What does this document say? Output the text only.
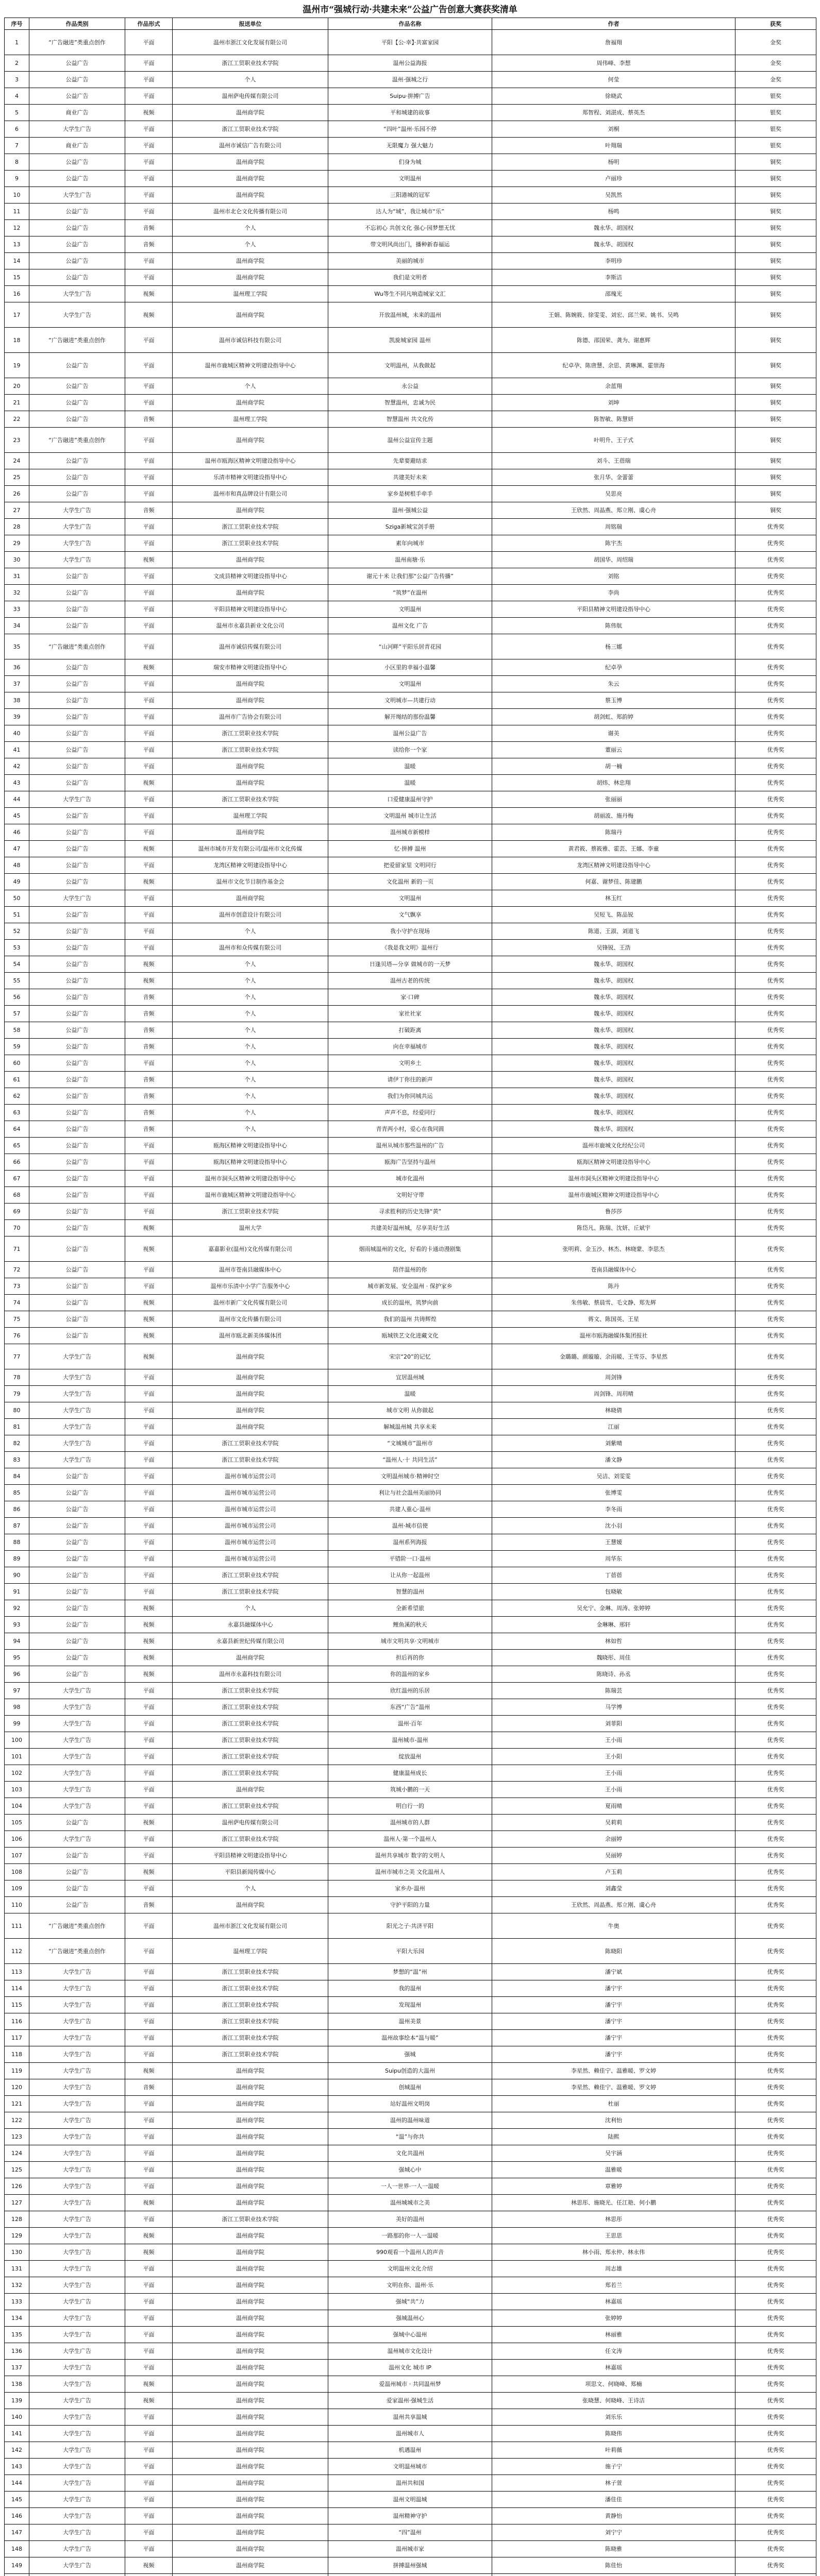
温州市“强城行动·共建未来”公益广告创意大赛获奖清单
序号	作品类别	作品形式	报送单位	作品名称	作者	获奖
1	“广告融进”类重点创作	平面	温州市浙江文化发展有限公司	平阳【公·幸】·共富家园	詹福翔	金奖
2	公益广告	平面	浙江工贸职业技术学院	温州公益海报	周伟峰、李想	金奖
3	公益广告	平面	个人	温州·强城之行	何莹	金奖
4	公益广告	平面	温州萨电传媒有限公司	Suipu·拼搏广告	徐晓武	银奖
5	商业广告	视频	温州商学院	平和城建的故事	郑智程、刘湛成、蔡英杰	银奖
6	大学生广告	平面	浙江工贸职业技术学院	“四叶”温州·乐园不停	刘桐	银奖
7	商业广告	平面	温州市诚信广告有限公司	无限魔力 强大魅力	叶翔瑞	银奖
8	公益广告	平面	温州商学院	们身为城	杨明	铜奖
9	公益广告	平面	温州商学院	文明温州	卢丽珍	铜奖
10	大学生广告	平面	温州商学院	三阳港城的冠军	吴凯然	铜奖
11	公益广告	平面	温州市北仑文化传播有限公司	达人为“城”，我让城市“乐”	杨鸣	铜奖
12	公益广告	音频	个人	不忘初心 共创文化 强心·园梦想无忧	魏永华、胡国权	铜奖
13	公益广告	音频	个人	带文明风尚出门，播种新春福运	魏永华、胡国权	铜奖
14	公益广告	平面	温州商学院	美丽的城市	李明珍	铜奖
15	公益广告	平面	温州商学院	我们是文明者	李斯洁	铜奖
16	大学生广告	视频	温州理工学院	Wu等生不同凡响造城家文汇	邵瑰光	铜奖
17	大学生广告	视频	温州商学院	开放温州城，未来的温州	王娟、陈婉筱、徐雯雯、刘宏、邱兰荣、姚书、吴鸣	铜奖
18	“广告融进”类重点创作	平面	温州市诚信科技有限公司	凯旋城家园 温州	陈德、邵国荣、龚为、谢惠辉	铜奖
19	公益广告	平面	温州市鹿城区精神文明建设指导中心	文明温州，从我做起	纪卓孕、陈唐慧、余思、黄琳渊、霍崇海	铜奖
20	公益广告	平面	个人	永公益	余蓝翔	铜奖
21	公益广告	平面	温州商学院	智慧温州，忠诚为民	刘坤	铜奖
22	公益广告	音频	温州理工学院	智慧温州 共文化传	陈智敏、陈慧妍	铜奖
23	“广告融进”类重点创作	平面	温州商学院	温州公益宣传主题	叶明升、王子式	铜奖
24	公益广告	平面	温州市瓯海区精神文明建设指导中心	先辈要避结求	刘斗、王蓓瑞	铜奖
25	公益广告	平面	乐清市精神文明建设指导中心	共建美好未来	张月华、金蕾蕾	铜奖
26	公益广告	平面	温州市和真品牌设计有限公司	家乡是树根手牵手	吴思亮	铜奖
27	大学生广告	音频	温州商学院	温州·强城公益	王欣然、周晶燕、郑立刚、虞心舟	铜奖
28	大学生广告	平面	浙江工贸职业技术学院	Sziga新城宝剑手册	周铭瑞	优秀奖
29	大学生广告	平面	浙江工贸职业技术学院	素年向城市	陈宇杰	优秀奖
30	大学生广告	视频	温州商学院	温州南塘·乐	胡国华、周绍瑞	优秀奖
31	公益广告	平面	文成县精神文明建设指导中心	谢元十米 让我们那“公益广告传播”	刘铭	优秀奖
32	公益广告	平面	温州商学院	“筑梦”在温州	李尚	优秀奖
33	公益广告	平面	平阳县精神文明建设指导中心	文明温州	平阳县精神文明建设指导中心	优秀奖
34	公益广告	平面	温州市永嘉县新业文化公司	温州文化 广告	陈伟航	优秀奖
35	“广告融进”类重点创作	平面	温州市诚信传媒有限公司	“山河畔”平阳乐居青花园	杨三娜	优秀奖
36	公益广告	视频	瑞安市精神文明建设指导中心	小区里的幸福小温馨	纪卓孕	优秀奖
37	公益广告	平面	温州商学院	文明温州	朱云	优秀奖
38	公益广告	平面	温州商学院	文明城市—共建行动	蔡玉博	优秀奖
39	公益广告	平面	温州市广告协会有限公司	解开绳结的那份温馨	胡剑虹、郑韵婷	优秀奖
40	公益广告	平面	浙江工贸职业技术学院	温州公益广告	谢美	优秀奖
41	公益广告	平面	浙江工贸职业技术学院	读给你一个家	董丽云	优秀奖
42	公益广告	平面	温州商学院	温暖	胡一楠	优秀奖
43	公益广告	视频	温州商学院	温暖	胡炜、林忠翔	优秀奖
44	大学生广告	平面	浙江工贸职业技术学院	口爱健康温州守护	张丽丽	优秀奖
45	公益广告	平面	温州理工学院	文明温州 城市让生活	胡丽波、施丹梅	优秀奖
46	公益广告	平面	温州商学院	温州城市新模样	陈瑞丹	优秀奖
47	公益广告	视频	温州市城市开发有限公司/温州市文化传媒	忆·拼搏 温州	黄君筱、蔡筱雅、霍芸、王娜、李童	优秀奖
48	公益广告	平面	龙湾区精神文明建设指导中心	把爱留家里 文明同行	龙湾区精神文明建设指导中心	优秀奖
49	公益广告	视频	温州市文化节目制作基金会	文化温州 新的一页	何嘉、谢梦佳、陈建鹏	优秀奖
50	大学生广告	平面	温州商学院	文明温州	林玉红	优秀奖
51	公益广告	平面	温州市创意设计有限公司	文气飘享	吴短飞、陈品锐	优秀奖
52	公益广告	平面	个人	我小守护在现场	陈道、王淑、刘道飞	优秀奖
53	公益广告	平面	温州市和众传媒有限公司	《我是我文明》温州行	吴锋锐、王浩	优秀奖
54	公益广告	视频	个人	日逢贝塔—分享 做城市的一天梦	魏永华、胡国权	优秀奖
55	公益广告	视频	个人	温州古老的传统	魏永华、胡国权	优秀奖
56	公益广告	音频	个人	家·口碑	魏永华、胡国权	优秀奖
57	公益广告	音频	个人	家社社家	魏永华、胡国权	优秀奖
58	公益广告	音频	个人	打破距离	魏永华、胡国权	优秀奖
59	公益广告	音频	个人	向在幸福城市	魏永华、胡国权	优秀奖
60	公益广告	平面	个人	文明乡土	魏永华、胡国权	优秀奖
61	公益广告	音频	个人	请伊丁你往的新声	魏永华、胡国权	优秀奖
62	公益广告	音频	个人	我们为你同城共运	魏永华、胡国权	优秀奖
63	公益广告	音频	个人	声声不息，经爱同行	魏永华、胡国权	优秀奖
64	公益广告	音频	个人	青青两小村，爱心在我同圆	魏永华、胡国权	优秀奖
65	公益广告	平面	瓯海区精神文明建设指导中心	温州从城市那些温州的广告	温州市鹿城文化经纪公司	优秀奖
66	公益广告	平面	瓯海区精神文明建设指导中心	瓯海广告坚持与温州	瓯海区精神文明建设指导中心	优秀奖
67	公益广告	平面	温州市洞头区精神文明建设指导中心	城市化温州	温州市洞头区精神文明建设指导中心	优秀奖
68	公益广告	平面	温州市鹿城区精神文明建设指导中心	文明好守带	温州市鹿城区精神文明建设指导中心	优秀奖
69	公益广告	平面	浙江工贸职业技术学院	寻求胜利的历史先锋“黄”	鲁莎莎	优秀奖
70	公益广告	视频	温州大学	共建美好温州城，尽享美好生活	陈岱凡、陈瑞、沈妍、丘斌宇	优秀奖
71	公益广告	视频	嘉嘉影业(温州)文化传媒有限公司	烟雨城温州的文化，好看的卡通动漫剧集	张明莉、金玉沙、林杰、林晓蒙、李思杰	优秀奖
72	公益广告	平面	温州市苍南县融媒体中心	陪伴温州的你	苍南县融媒体中心	优秀奖
73	公益广告	平面	温州市乐清中小学广告服务中心	城市新发展、安全温州 · 保护家乡	陈丹	优秀奖
74	公益广告	视频	温州市新广文化传媒有限公司	成长的温州，筑梦向前	朱伟敏、蔡晨雪、毛文静、郑先辉	优秀奖
75	公益广告	视频	温州市文化传播有限公司	我们的温州 共铸辉煌	蒋文、陈国英、王星	优秀奖
76	公益广告	视频	温州市瓯北新美体媒体团	瓯城铁艺文化进藏文化	温州市瓯海融媒体集团报社	优秀奖
77	大学生广告	视频	温州商学院	宋宗“20”的记忆	金璐璐、颜璇璇、余雨暖、王雪芬、李星然	优秀奖
78	大学生广告	平面	温州商学院	宜居温州城	周剑锋	优秀奖
79	大学生广告	平面	温州商学院	温暖	周剑锋、周玥晴	优秀奖
80	大学生广告	平面	温州商学院	城市文明 从你做起	林晓倩	优秀奖
81	大学生广告	平面	温州商学院	解城温州城 共享未来	江丽	优秀奖
82	大学生广告	平面	浙江工贸职业技术学院	“文城城市”温州市	刘紫晴	优秀奖
83	大学生广告	平面	浙江工贸职业技术学院	“温州人·十 共同生活”	潘文静	优秀奖
84	公益广告	平面	温州市城市运营公司	文明温州城市·精神时空	吴洁、刘雯雯	优秀奖
85	公益广告	平面	温州市城市运营公司	利让与社会温州美丽协同	张博雯	优秀奖
86	公益广告	平面	温州市城市运营公司	共建人重心·温州	李冬雨	优秀奖
87	公益广告	平面	温州市城市运营公司	温州·城市信使	沈小羽	优秀奖
88	公益广告	平面	温州市城市运营公司	温州系列海报	王慧媛	优秀奖
89	公益广告	平面	温州市城市运营公司	平错阶一口·温州	周华东	优秀奖
90	公益广告	平面	浙江工贸职业技术学院	让从你一起温州	丁蓓蓓	优秀奖
91	公益广告	平面	浙江工贸职业技术学院	智慧的温州	包晓敏	优秀奖
92	公益广告	视频	个人	全新希望旅	吴允宁、金琳、周涛、张婷婷	优秀奖
93	公益广告	视频	永嘉县融媒体中心	鲤鱼溪的秋天	金琳琳、邢轩	优秀奖
94	公益广告	视频	永嘉县新世纪传媒有限公司	城市文明共享·文明城市	林如哲	优秀奖
95	公益广告	视频	温州商学院	担后再的你	魏晓彤、周佳	优秀奖
96	公益广告	视频	温州市永嘉科技有限公司	你的温州的家乡	陈晓诗、孙丞	优秀奖
97	大学生广告	平面	浙江工贸职业技术学院	欣红温州的乐居	陈瑞芸	优秀奖
98	大学生广告	平面	浙江工贸职业技术学院	东西“广告”温州	马学博	优秀奖
99	大学生广告	平面	浙江工贸职业技术学院	温州·百年	刘菲阳	优秀奖
100	大学生广告	平面	浙江工贸职业技术学院	温州城市-温州	王小雨	优秀奖
101	大学生广告	平面	浙江工贸职业技术学院	绽放温州	王小阳	优秀奖
102	大学生广告	平面	浙江工贸职业技术学院	健康温州成长	王小雨	优秀奖
103	大学生广告	平面	温州商学院	筑城小鹏的一天	王小雨	优秀奖
104	大学生广告	平面	浙江工贸职业技术学院	明白行一的	夏雨晴	优秀奖
105	公益广告	视频	温州萨电传媒有限公司	温州城市的人群	吴莉莉	优秀奖
106	大学生广告	平面	浙江工贸职业技术学院	温州人·第一个温州人	余丽婷	优秀奖
107	公益广告	平面	平阳县精神文明建设指导中心	温州共享城市 数字的文明人	吴丽婷	优秀奖
108	公益广告	视频	平阳县新闻传媒中心	温州市城市之美 文化温州人	卢玉莉	优秀奖
109	公益广告	平面	个人	家乡办·温州	刘鑫莹	优秀奖
110	公益广告	音频	温州商学院	守护平阳的力量	王欣然、周晶燕、郑立刚、虞心舟	优秀奖
111	“广告融进”类重点创作	平面	温州市浙江文化发展有限公司	阳光之子·共济平阳	牛奥	优秀奖
112	“广告融进”类重点创作	平面	温州理工学院	平阳大乐园	陈晓阳	优秀奖
113	大学生广告	平面	浙江工贸职业技术学院	梦想的“温”州	潘宁斌	优秀奖
114	大学生广告	平面	浙江工贸职业技术学院	我的温州	潘宁宇	优秀奖
115	大学生广告	平面	浙江工贸职业技术学院	发现温州	潘宁宇	优秀奖
116	大学生广告	平面	浙江工贸职业技术学院	温州美景	潘宁宇	优秀奖
117	大学生广告	平面	浙江工贸职业技术学院	温州故事绘本“温与暖”	潘宁宇	优秀奖
118	大学生广告	平面	浙江工贸职业技术学院	强城	潘宁宇	优秀奖
119	大学生广告	视频	温州商学院	Suipu创造的大温州	李星然、赖佳宁、温雅暖、罗文婷	优秀奖
120	大学生广告	音频	温州商学院	创城温州	李星然、赖佳宁、温雅暖、罗文婷	优秀奖
121	大学生广告	平面	温州商学院	站好温州文明岗	杜丽	优秀奖
122	大学生广告	平面	温州商学院	温州的温州味道	沈利怡	优秀奖
123	大学生广告	平面	温州商学院	“温”与你共	陆熙	优秀奖
124	大学生广告	平面	温州商学院	文化共温州	吴宇涵	优秀奖
125	大学生广告	平面	温州商学院	强城心中	温雅暖	优秀奖
126	大学生广告	平面	温州商学院	一人一世界·一人一温暖	章雅婷	优秀奖
127	大学生广告	视频	温州商学院	温州城城市之美	林思彤、施晓光、任江艳、何小鹏	优秀奖
128	大学生广告	平面	浙江工贸职业技术学院	美好的温州	林思彤	优秀奖
129	大学生广告	视频	温州商学院	一路那的你一人一温暖	王思思	优秀奖
130	大学生广告	视频	温州商学院	990观看一个温州人的声音	林小雨、郑永仲、林永伟	优秀奖
131	大学生广告	平面	温州商学院	文明温州文化介绍	周志雄	优秀奖
132	大学生广告	平面	温州商学院	文明在你、温州·乐	郑若兰	优秀奖
133	大学生广告	平面	温州商学院	强城“共”力	林嘉瑶	优秀奖
134	大学生广告	平面	温州商学院	强城温州心	张婷婷	优秀奖
135	大学生广告	平面	温州商学院	强城中心温州	林丽雅	优秀奖
136	大学生广告	平面	温州商学院	温州城市文化设计	任文涛	优秀奖
137	大学生广告	平面	温州商学院	温州文化 城市 IP	林嘉瑶	优秀奖
138	大学生广告	视频	温州商学院	爱温州城市 · 共同温州梦	项思文、何晓峰、郑楠	优秀奖
139	大学生广告	视频	温州商学院	爱家温州·强城生活	张晓慧、何晓峰、王诗洁	优秀奖
140	大学生广告	平面	温州商学院	温州共享温城	刘乐乐	优秀奖
141	大学生广告	平面	温州商学院	温州城市人	陈晓伟	优秀奖
142	大学生广告	平面	温州商学院	机遇温州	叶莉薇	优秀奖
143	大学生广告	平面	温州商学院	文明温州城市	施子宁	优秀奖
144	大学生广告	平面	温州商学院	温州共和国	林子萱	优秀奖
145	大学生广告	平面	温州商学院	温州文明温城	潘佳佳	优秀奖
146	大学生广告	平面	温州商学院	温州精神守护	黄静怡	优秀奖
147	大学生广告	平面	温州商学院	“四”温州	刘宁宁	优秀奖
148	大学生广告	平面	温州商学院	温州城市家	陈晓雅	优秀奖
149	大学生广告	视频	温州商学院	拼搏温州强城	陈佳怡	优秀奖
